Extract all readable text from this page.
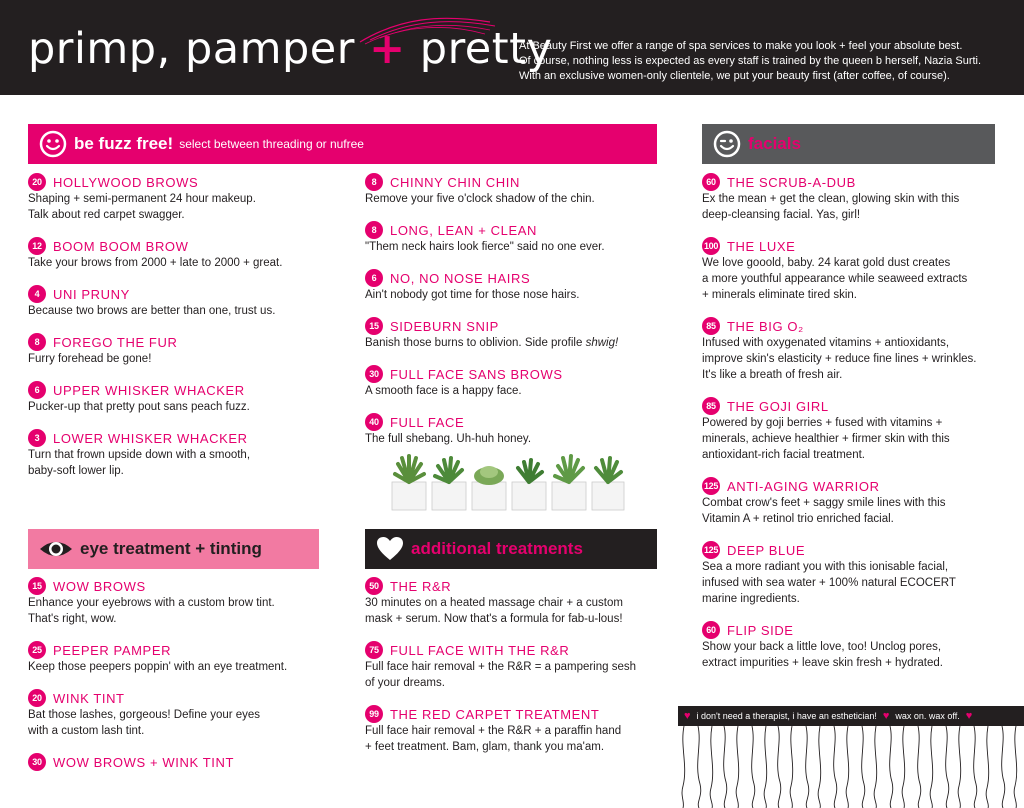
primp, pamper + pretty

At Beauty First we offer a range of spa services to make you look + feel your absolute best.

Of course, nothing less is expected as every staff is trained by the queen b herself, Nazia Surti.

With an exclusive women-only clientele, we put your beauty first (after coffee, of course).

be fuzz free! select between threading or nufree
20 HOLLYWOOD BROWS
Shaping + semi-permanent 24 hour makeup.
Talk about red carpet swagger.
12 BOOM BOOM BROW
Take your brows from 2000 + late to 2000 + great.
4	UNI PRUNY
Because two brows are better than one, trust us.
8	FOREGO THE FUR
Furry forehead be gone!
6	UPPER WHISKER WHACKER
Pucker-up that pretty pout sans peach fuzz.
3	LOWER WHISKER WHACKER
Turn that frown upside down with a smooth,
baby-soft lower lip.
8	CHINNY CHIN CHIN
Remove your five o'clock shadow of the chin.
8	LONG, LEAN + CLEAN
"Them neck hairs look fierce" said no one ever.
6	NO, NO NOSE HAIRS
Ain't nobody got time for those nose hairs.
15 SIDEBURN SNIP
Banish those burns to oblivion. Side profile shwig!
30 FULL FACE SANS BROWS
A smooth face is a happy face.
40 FULL FACE
The full shebang. Uh-huh honey.
eye treatment + tinting
15 WOW BROWS
Enhance your eyebrows with a custom brow tint.
That's right, wow.
25 PEEPER PAMPER
Keep those peepers poppin' with an eye treatment.
20 WINK TINT
Bat those lashes, gorgeous! Define your eyes
with a custom lash tint.
30 WOW BROWS + WINK TINT
additional treatments
50 THE R&R
30 minutes on a heated massage chair + a custom
mask + serum. Now that's a formula for fab-u-lous!
75 FULL FACE WITH THE R&R
Full face hair removal + the R&R = a pampering sesh
of your dreams.
99 THE RED CARPET TREATMENT
Full face hair removal + the R&R + a paraffin hand
+ feet treatment. Bam, glam, thank you ma'am.
facials
60 THE SCRUB-A-DUB
Ex the mean + get the clean, glowing skin with this
deep-cleansing facial. Yas, girl!
100 THE LUXE
We love gooold, baby. 24 karat gold dust creates
a more youthful appearance while seaweed extracts
+ minerals eliminate tired skin.
85 THE BIG O₂
Infused with oxygenated vitamins + antioxidants,
improve skin's elasticity + reduce fine lines + wrinkles.
It's like a breath of fresh air.
85 THE GOJI GIRL
Powered by goji berries + fused with vitamins +
minerals, achieve healthier + firmer skin with this
antioxidant-rich facial treatment.
125 ANTI-AGING WARRIOR
Combat crow's feet + saggy smile lines with this
Vitamin A + retinol trio enriched facial.
125 DEEP BLUE
Sea a more radiant you with this ionisable facial,
infused with sea water + 100% natural ECOCERT
marine ingredients.
60 FLIP SIDE
Show your back a little love, too! Unclog pores,
extract impurities + leave skin fresh + hydrated.
♥ i don't need a therapist, i have an esthetician! ♥ wax on. wax off. ♥
